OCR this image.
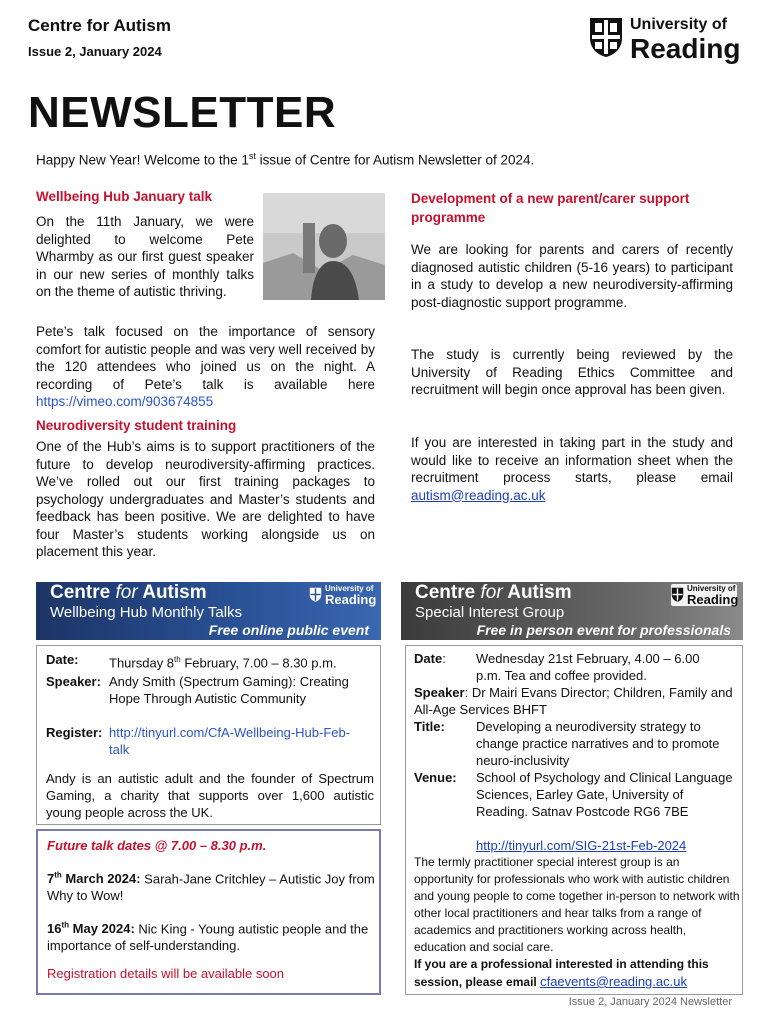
Centre for Autism
Issue 2, January 2024
University of
Reading
NEWSLETTER
Happy New Year! Welcome to the 1st issue of Centre for Autism Newsletter of 2024.
Wellbeing Hub January talk
On the 11th January, we were delighted to welcome Pete Wharmby as our first guest speaker in our new series of monthly talks on the theme of autistic thriving.
Pete’s talk focused on the importance of sensory comfort for autistic people and was very well received by the 120 attendees who joined us on the night. A recording of Pete’s talk is available here https://vimeo.com/903674855
Neurodiversity student training
One of the Hub’s aims is to support practitioners of the future to develop neurodiversity-affirming practices. We’ve rolled out our first training packages to psychology undergraduates and Master’s students and feedback has been positive. We are delighted to have four Master’s students working alongside us on placement this year.
Development of a new parent/carer support programme
We are looking for parents and carers of recently diagnosed autistic children (5-16 years) to participant in a study to develop a new neurodiversity-affirming post-diagnostic support programme.
The study is currently being reviewed by the University of Reading Ethics Committee and recruitment will begin once approval has been given.
If you are interested in taking part in the study and would like to receive an information sheet when the recruitment process starts, please email autism@reading.ac.uk
Centre for Autism
Wellbeing Hub Monthly Talks
Free online public event
University of
Reading Centre for Autism
Special Interest Group
Free in person event for professionals
University of
Reading
Date: Thursday 8th February, 7.00 – 8.30 p.m.
Speaker: Andy Smith (Spectrum Gaming): Creating Hope Through Autistic Community
Register: http://tinyurl.com/CfA-Wellbeing-Hub-Feb-talk
Andy is an autistic adult and the founder of Spectrum Gaming, a charity that supports over 1,600 autistic young people across the UK.
Future talk dates @ 7.00 – 8.30 p.m.
7th March 2024: Sarah-Jane Critchley – Autistic Joy from Why to Wow!
16th May 2024: Nic King - Young autistic people and the importance of self-understanding.
Registration details will be available soon
Date: Wednesday 21st February, 4.00 – 6.00 p.m. Tea and coffee provided.
Speaker: Dr Mairi Evans Director; Children, Family and All-Age Services BHFT
Title: Developing a neurodiversity strategy to change practice narratives and to promote neuro-inclusivity
Venue: School of Psychology and Clinical Language Sciences, Earley Gate, University of Reading. Satnav Postcode RG6 7BE
http://tinyurl.com/SIG-21st-Feb-2024
The termly practitioner special interest group is an opportunity for professionals who work with autistic children and young people to come together in-person to network with other local practitioners and hear talks from a range of academics and practitioners working across health, education and social care.
If you are a professional interested in attending this session, please email cfaevents@reading.ac.uk
Issue 2, January 2024 Newsletter
